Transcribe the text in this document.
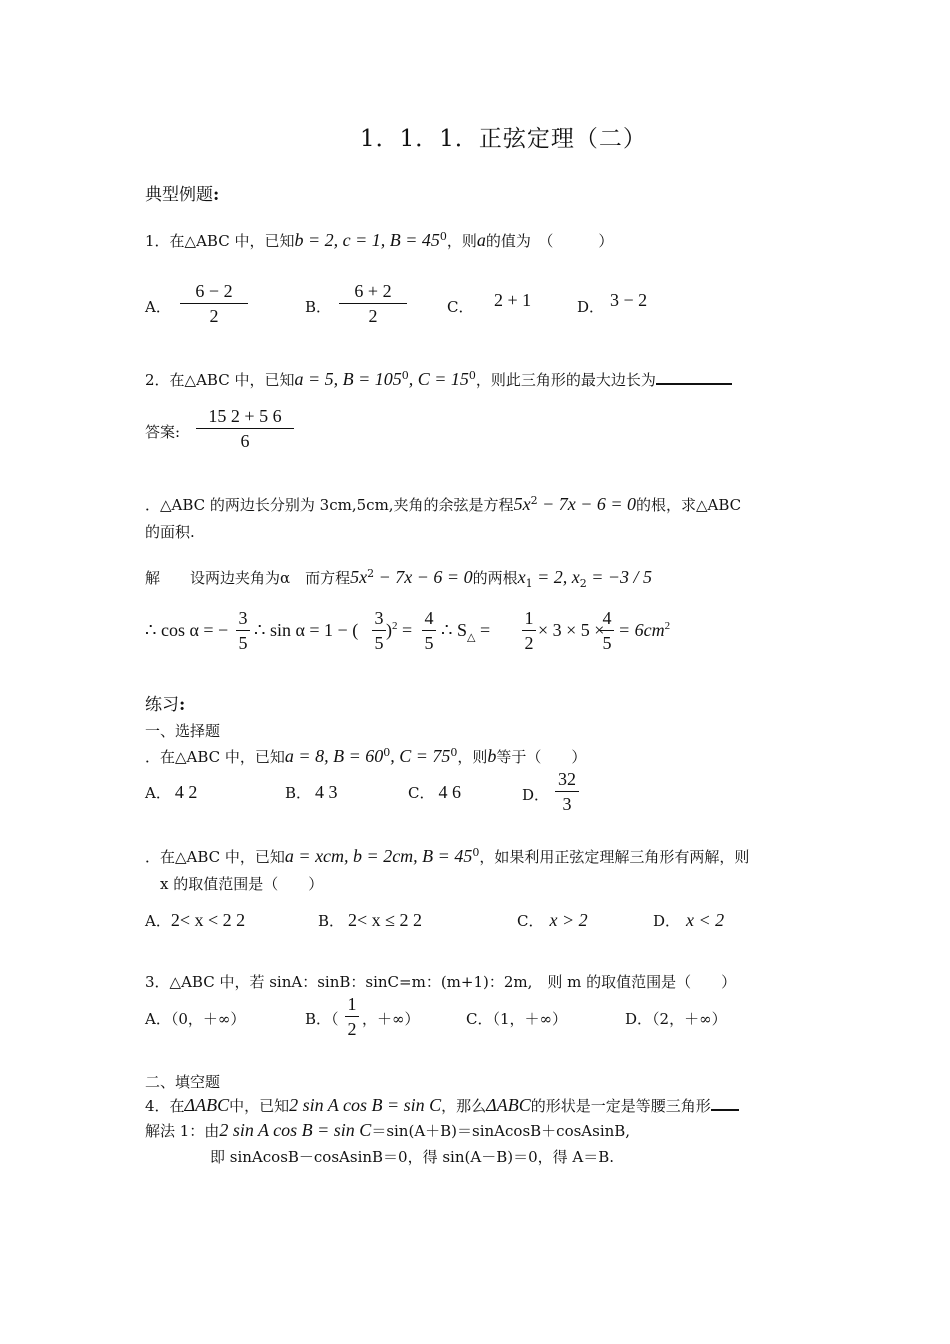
1．1．1．正弦定理（二）
典型例题:
1．在△ABC 中，已知b = 2, c = 1, $B = 45^0$，则a的值为　（　　　）
A．
6 − 2
2	B．
6 + 2
2	C． 2 + 1	D． 3 − 2
2．在△ABC 中，已知a = 5, $B = 105^0$, $C = 15^0$，则此三角形的最大边长为
答案:
15 2 + 5 6
6
．△ABC 的两边长分别为 3cm,5cm,夹角的余弦是方程$5x^2 - 7x - 6 = 0$的根，求△ABC
的面积.
解　　设两边夹角为α　而方程$5x^2 - 7x - 6 = 0$的两根$x_1 = 2$, $x_2 = -3 / 5$
∴ cos α = −
3
5
∴ sin α = 1 − (
3
5
)$^2$ =
4
5
∴ $S_\triangle$ =
1
2
× 3 × 5 ×
4
5
= $6cm^2$
练习:
一、选择题
．在△ABC 中，已知a = 8, $B = 60^0$, $C = 75^0$，则b等于（　　）
A． 4 2	B． 4 3	C． 4 6	D．
32
3
．在△ABC 中，已知a = xcm, b = 2cm, $B = 45^0$，如果利用正弦定理解三角形有两解，则
x 的取值范围是（　　）
A．2< x < 2 2	B． 2< x ≤ 2 2	C． x > 2	D． x < 2
3．△ABC 中，若 sinA：sinB：sinC=m：(m+1)：2m,　则 m 的取值范围是（　　）
A．（0，＋∞）	B．（
1
2 ，＋∞）	C．（1，＋∞）	D．（2，＋∞）
二、填空题
4．在ΔABC中，已知2 sin A cos B = sin C，那么ΔABC的形状是一定是等腰三角形
解法 1：由2 sin A cos B = sin C＝sin(A＋B)＝sinAcosB＋cosAsinB,
即 sinAcosB－cosAsinB＝0，得 sin(A－B)＝0，得 A＝B.
